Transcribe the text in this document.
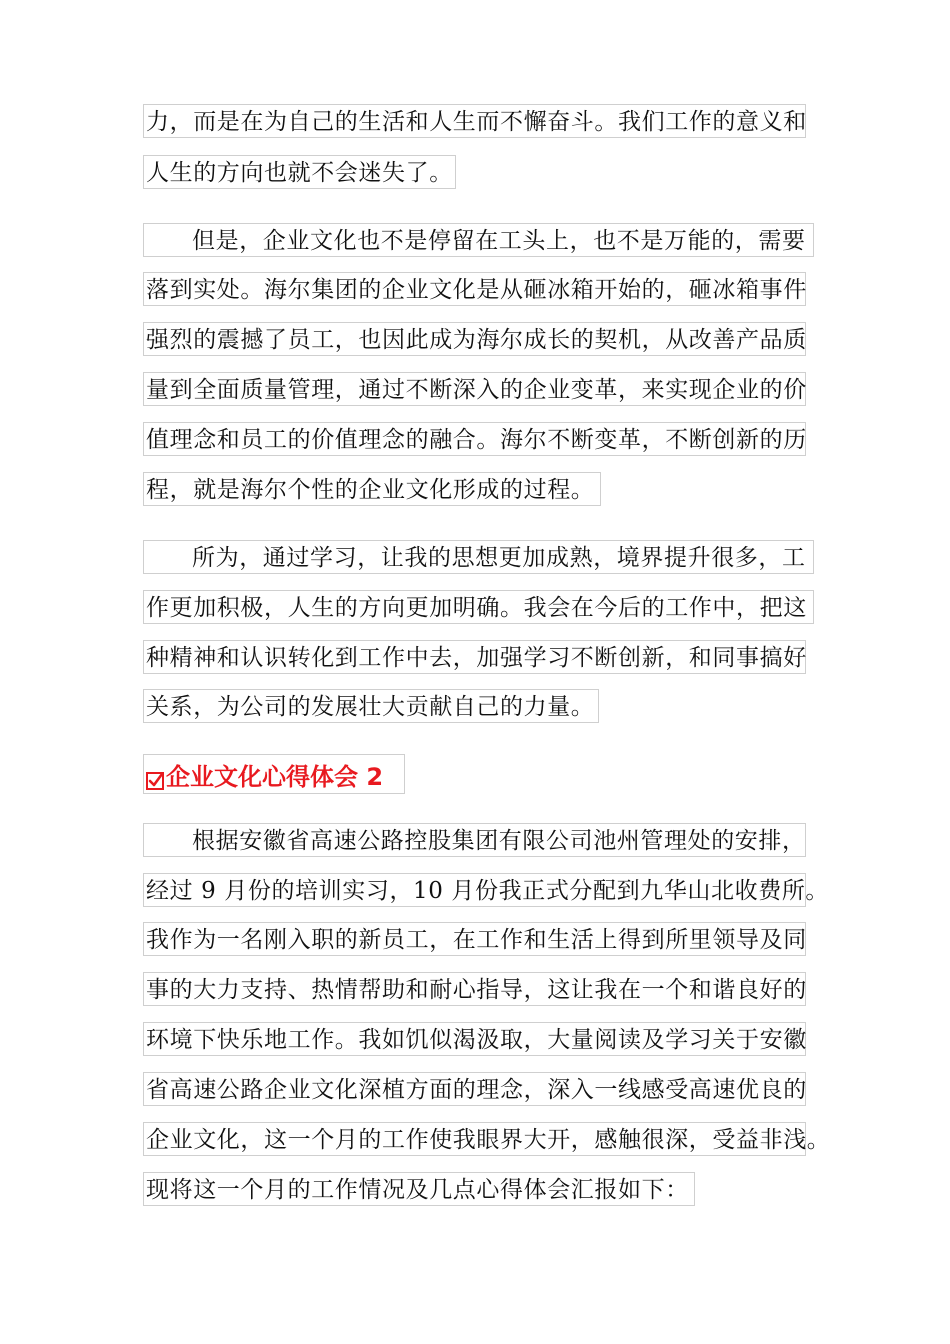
力，而是在为自己的生活和人生而不懈奋斗。我们工作的意义和
人生的方向也就不会迷失了。
但是，企业文化也不是停留在工头上，也不是万能的，需要
落到实处。海尔集团的企业文化是从砸冰箱开始的，砸冰箱事件
强烈的震撼了员工，也因此成为海尔成长的契机，从改善产品质
量到全面质量管理，通过不断深入的企业变革，来实现企业的价
值理念和员工的价值理念的融合。海尔不断变革，不断创新的历
程，就是海尔个性的企业文化形成的过程。
所为，通过学习，让我的思想更加成熟，境界提升很多，工
作更加积极，人生的方向更加明确。我会在今后的工作中，把这
种精神和认识转化到工作中去，加强学习不断创新，和同事搞好
关系，为公司的发展壮大贡献自己的力量。
企业文化心得体会 2
根据安徽省高速公路控股集团有限公司池州管理处的安排，
经过 9 月份的培训实习，10 月份我正式分配到九华山北收费所。
我作为一名刚入职的新员工，在工作和生活上得到所里领导及同
事的大力支持、热情帮助和耐心指导，这让我在一个和谐良好的
环境下快乐地工作。我如饥似渴汲取，大量阅读及学习关于安徽
省高速公路企业文化深植方面的理念，深入一线感受高速优良的
企业文化，这一个月的工作使我眼界大开，感触很深，受益非浅。
现将这一个月的工作情况及几点心得体会汇报如下：
